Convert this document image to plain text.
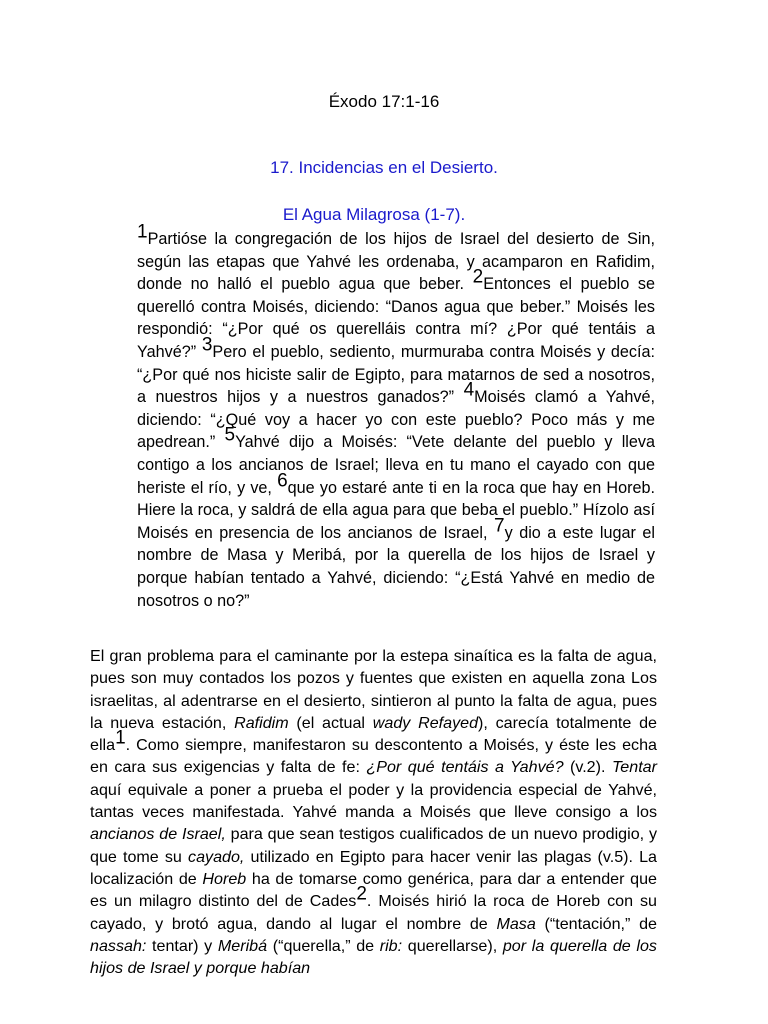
Éxodo 17:1-16
17. Incidencias en el Desierto.
El Agua Milagrosa (1-7).

$^1$Partióse la congregación de los hijos de Israel del desierto de Sin, según las etapas que Yahvé les ordenaba, y acamparon en Rafidim, donde no halló el pueblo agua que beber. $^2$Entonces el pueblo se querelló contra Moisés, diciendo: “Danos agua que beber.” Moisés les respondió: “¿Por qué os querelláis contra mí? ¿Por qué tentáis a Yahvé?” $^3$Pero el pueblo, sediento, murmuraba contra Moisés y decía: “¿Por qué nos hiciste salir de Egipto, para matarnos de sed a nosotros, a nuestros hijos y a nuestros ganados?” $^4$Moisés clamó a Yahvé, diciendo: “¿Qué voy a hacer yo con este pueblo? Poco más y me apedrean.” $^5$Yahvé dijo a Moisés: “Vete delante del pueblo y lleva contigo a los ancianos de Israel; lleva en tu mano el cayado con que heriste el río, y ve, $^6$que yo estaré ante ti en la roca que hay en Horeb. Hiere la roca, y saldrá de ella agua para que beba el pueblo.” Hízolo así Moisés en presencia de los ancianos de Israel, $^7$y dio a este lugar el nombre de Masa y Meribá, por la querella de los hijos de Israel y porque habían tentado a Yahvé, diciendo: “¿Está Yahvé en medio de nosotros o no?”

El gran problema para el caminante por la estepa sinaítica es la falta de agua, pues son muy contados los pozos y fuentes que existen en aquella zona Los israelitas, al adentrarse en el desierto, sintieron al punto la falta de agua, pues la nueva estación, Rafidim (el actual wady Refayed), carecía totalmente de ella$^1$. Como siempre, manifestaron su descontento a Moisés, y éste les echa en cara sus exigencias y falta de fe: ¿Por qué tentáis a Yahvé? (v.2). Tentar aquí equivale a poner a prueba el poder y la providencia especial de Yahvé, tantas veces manifestada. Yahvé manda a Moisés que lleve consigo a los ancianos de Israel, para que sean testigos cualificados de un nuevo prodigio, y que tome su cayado, utilizado en Egipto para hacer venir las plagas (v.5). La localización de Horeb ha de tomarse como genérica, para dar a entender que es un milagro distinto del de Cades$^2$. Moisés hirió la roca de Horeb con su cayado, y brotó agua, dando al lugar el nombre de Masa (“tentación,” de nassah: tentar) y Meribá (“querella,” de rib: querellarse), por la querella de los hijos de Israel y porque habían
